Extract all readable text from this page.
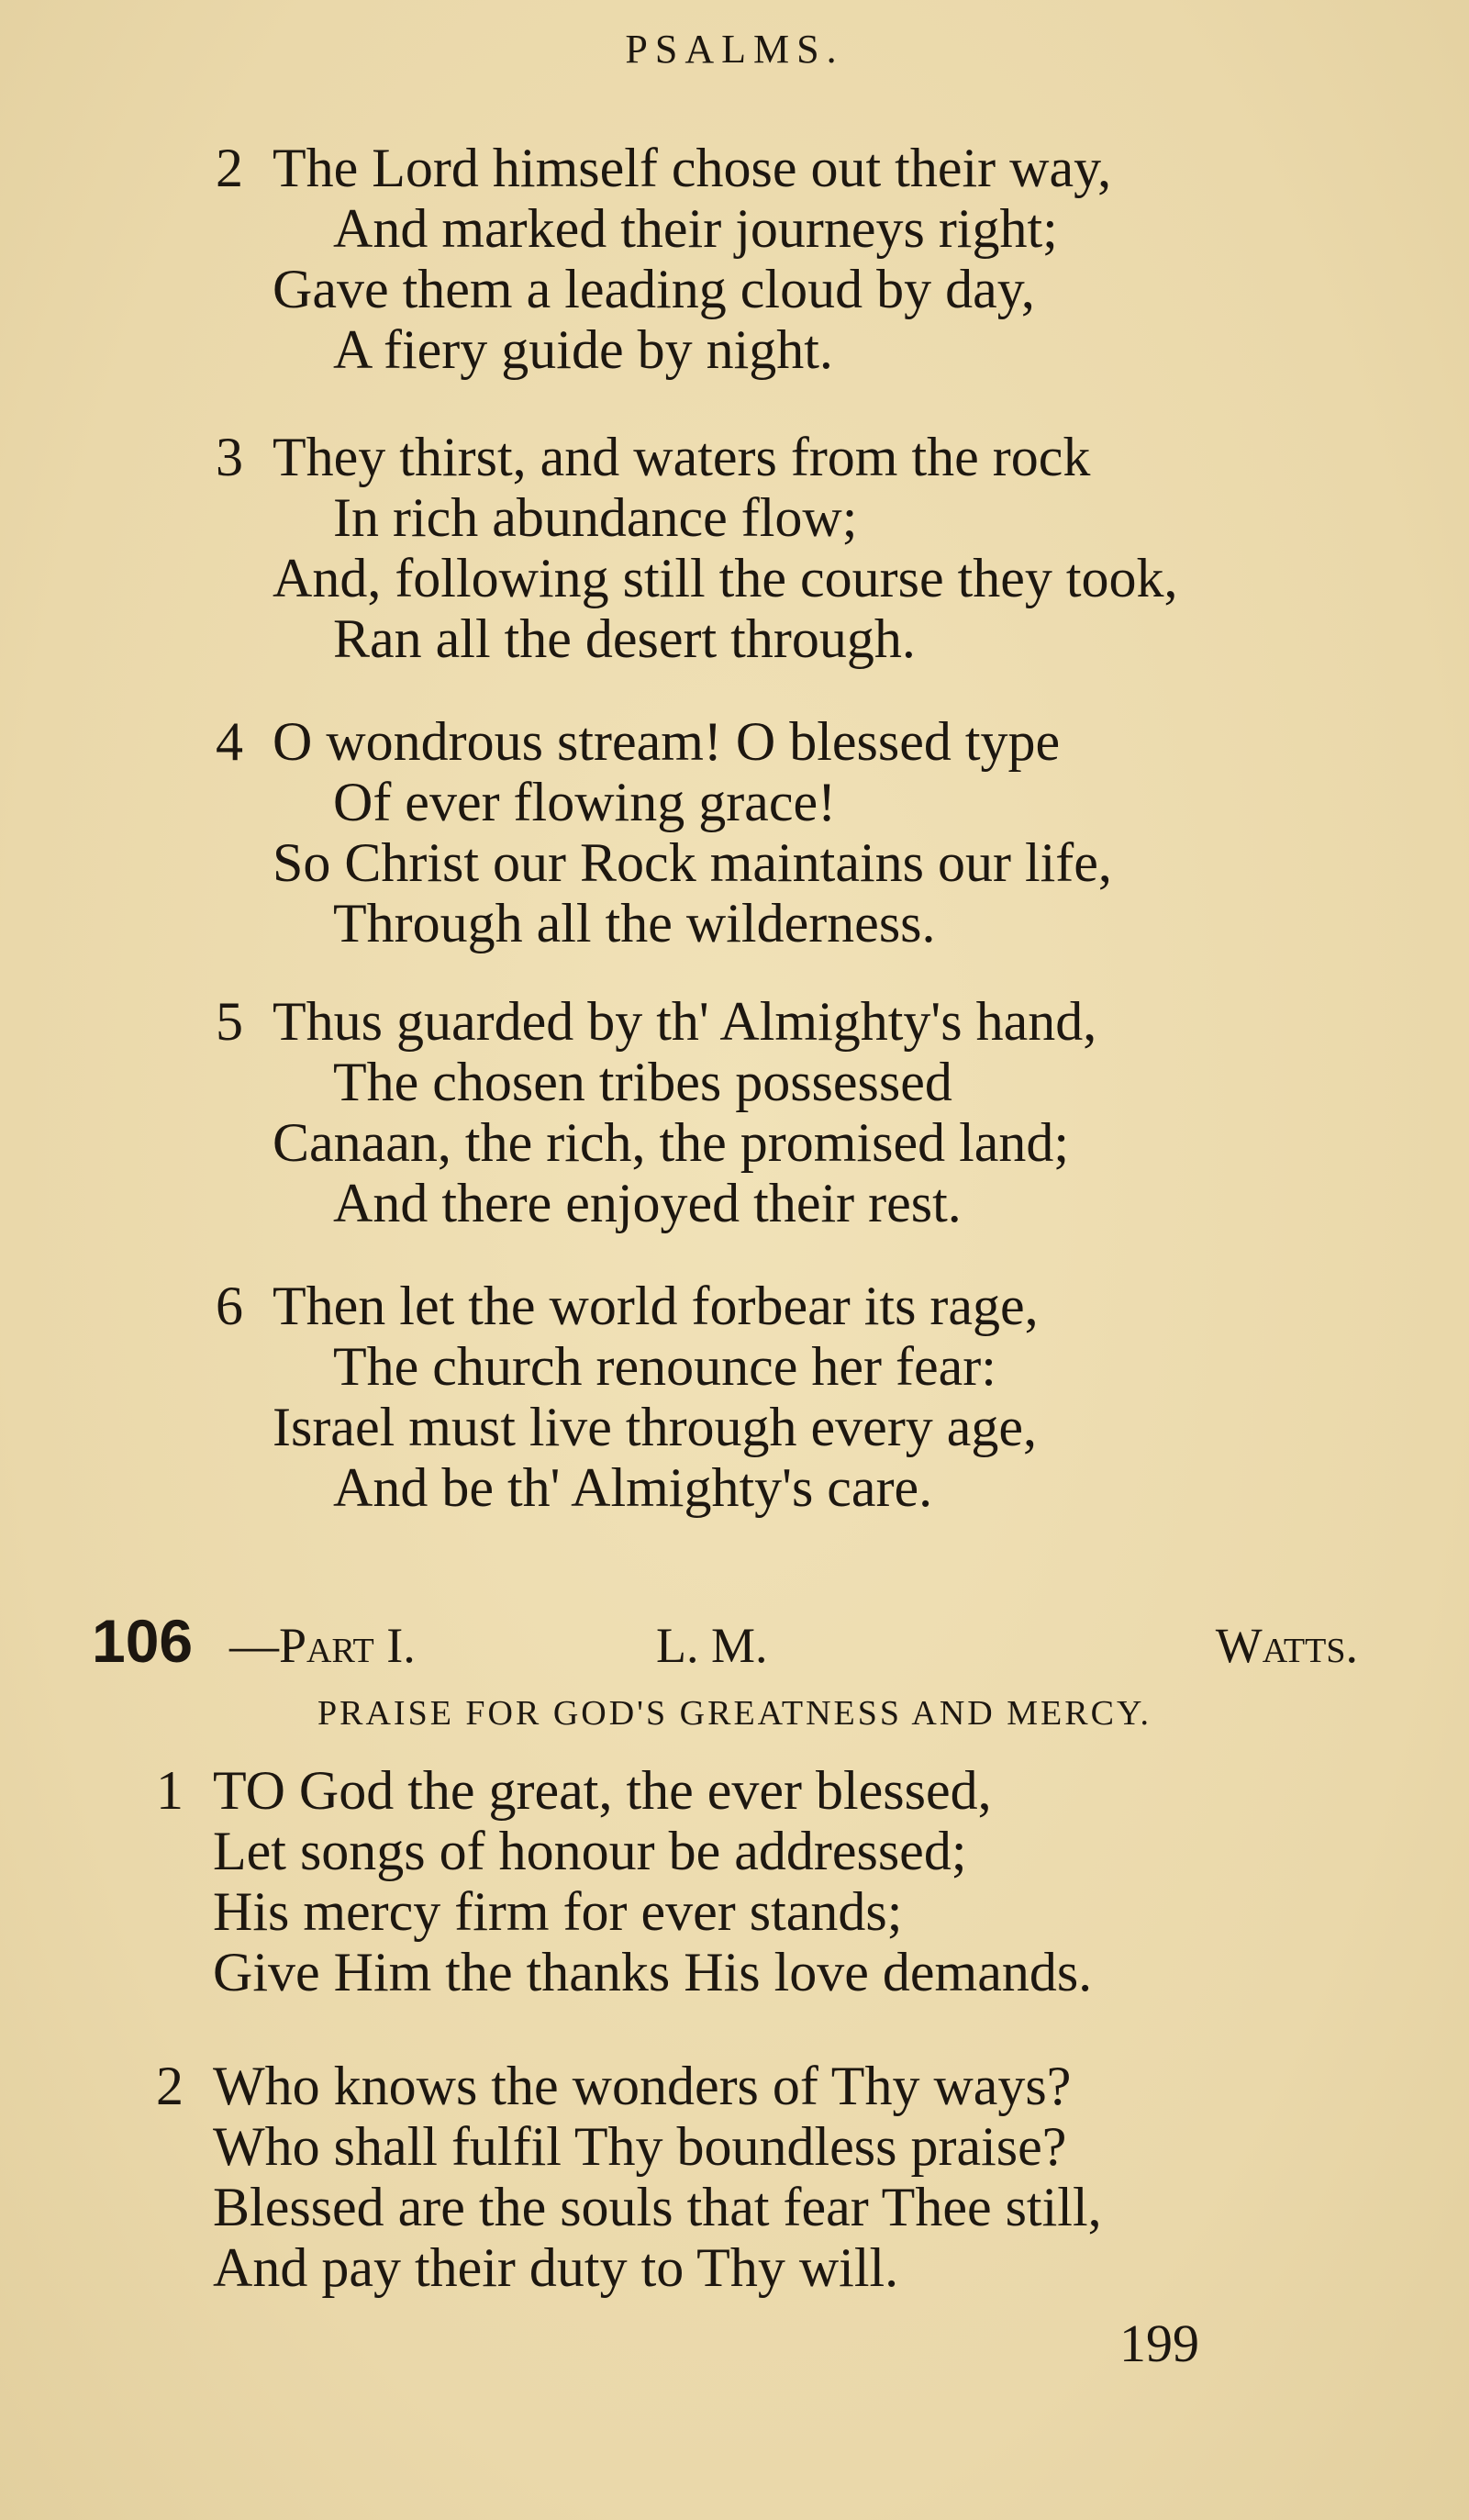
PSALMS.
2 The Lord himself chose out their way,
And marked their journeys right;
Gave them a leading cloud by day,
A fiery guide by night.
3 They thirst, and waters from the rock
In rich abundance flow;
And, following still the course they took,
Ran all the desert through.
4 O wondrous stream! O blessed type
Of ever flowing grace!
So Christ our Rock maintains our life,
Through all the wilderness.
5 Thus guarded by th' Almighty's hand,
The chosen tribes possessed
Canaan, the rich, the promised land;
And there enjoyed their rest.
6 Then let the world forbear its rage,
The church renounce her fear:
Israel must live through every age,
And be th' Almighty's care.
106 —Part I.	L. M.	Watts.
PRAISE FOR GOD'S GREATNESS AND MERCY.
1 TO God the great, the ever blessed,
Let songs of honour be addressed;
His mercy firm for ever stands;
Give Him the thanks His love demands.
2 Who knows the wonders of Thy ways?
Who shall fulfil Thy boundless praise?
Blessed are the souls that fear Thee still,
And pay their duty to Thy will.
199
